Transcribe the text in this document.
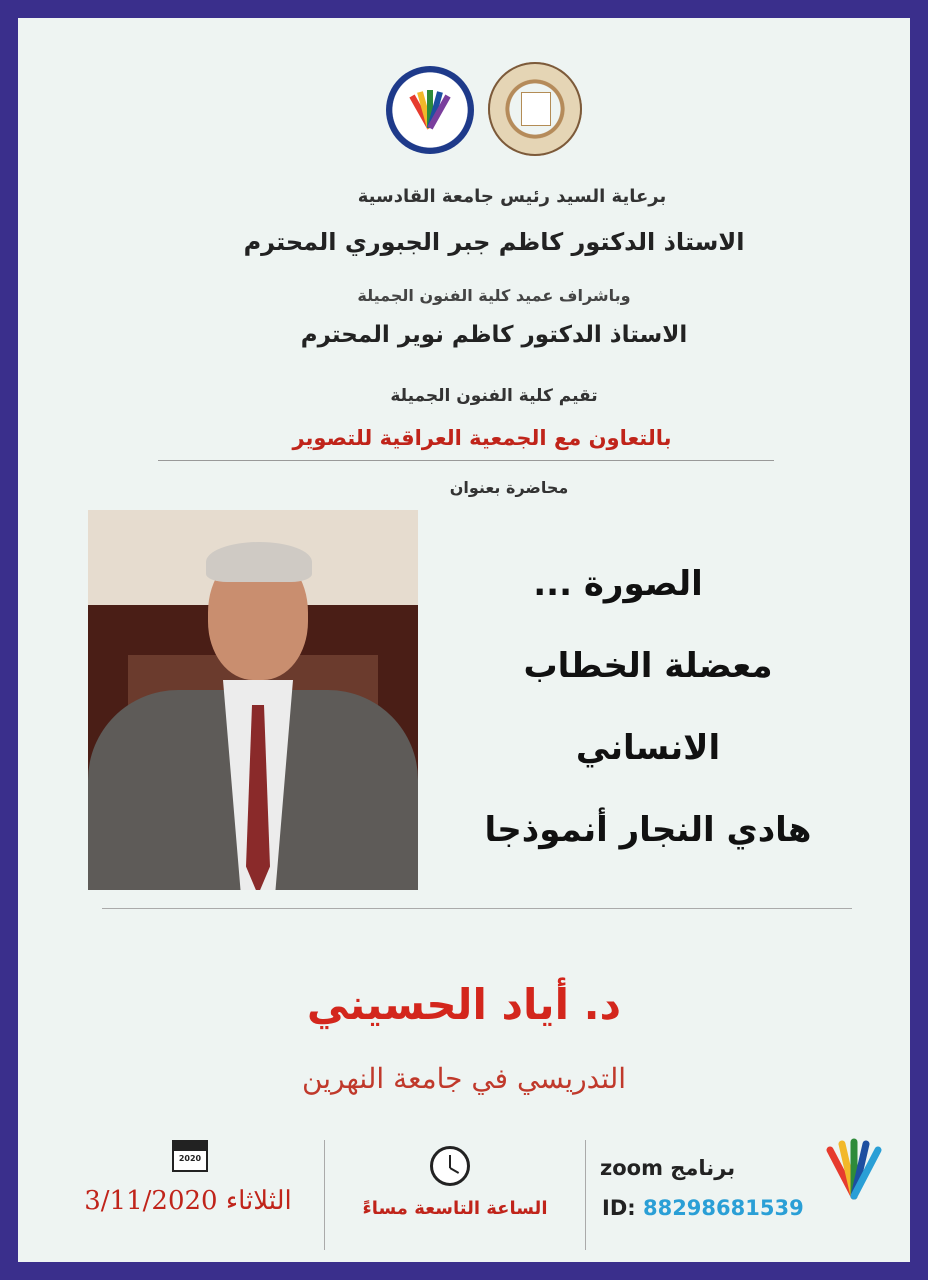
برعاية السيد رئيس جامعة القادسية
الاستاذ الدكتور كاظم جبر الجبوري المحترم
وباشراف عميد كلية الفنون الجميلة
الاستاذ الدكتور كاظم نوير المحترم
تقيم كلية الفنون الجميلة
بالتعاون مع الجمعية العراقية للتصوير
محاضرة بعنوان
الصورة ...
معضلة الخطاب
الانساني
هادي النجار أنموذجا
د. أياد الحسيني
التدريسي في جامعة النهرين
2020
الثلاثاء 3/11/2020	الساعة التاسعة مساءً
برنامج zoom
ID: 88298681539
